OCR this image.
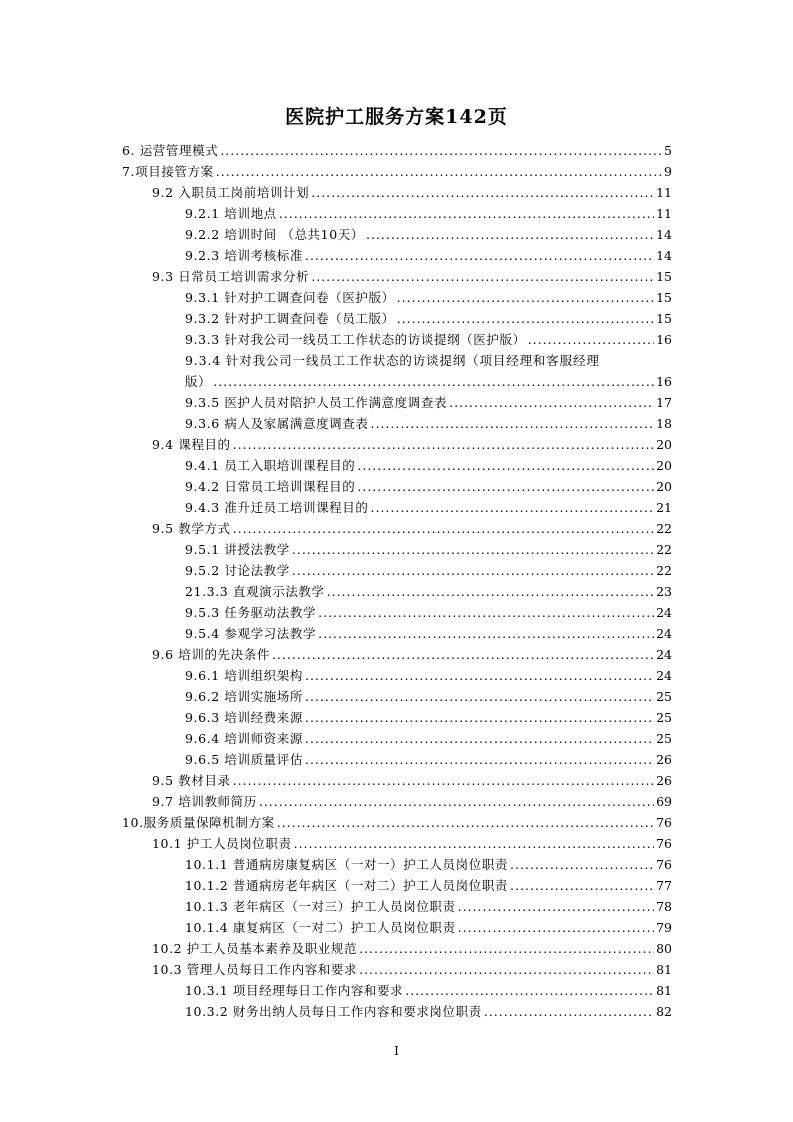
医院护工服务方案142页
6. 运营管理模式 .....	5
7.项目接管方案 .....	9
9.2 入职员工岗前培训计划 .....	11
9.2.1 培训地点 .....	11
9.2.2 培训时间 （总共10天） .....	14
9.2.3 培训考核标准 .....	14
9.3 日常员工培训需求分析 .....	15
9.3.1 针对护工调查问卷（医护版） .....	15
9.3.2 针对护工调查问卷（员工版） .....	15
9.3.3 针对我公司一线员工工作状态的访谈提纲（医护版） .....	16
9.3.4 针对我公司一线员工工作状态的访谈提纲（项目经理和客服经理
版） .....	16
9.3.5 医护人员对陪护人员工作满意度调查表 .....	17
9.3.6 病人及家属满意度调查表 .....	18
9.4 课程目的 .....	20
9.4.1 员工入职培训课程目的 .....	20
9.4.2 日常员工培训课程目的 .....	20
9.4.3 准升迁员工培训课程目的 .....	21
9.5 教学方式 .....	22
9.5.1 讲授法教学 .....	22
9.5.2 讨论法教学 .....	22
21.3.3 直观演示法教学 .....	23
9.5.3 任务驱动法教学 .....	24
9.5.4 参观学习法教学 .....	24
9.6 培训的先决条件 .....	24
9.6.1 培训组织架构 .....	24
9.6.2 培训实施场所 .....	25
9.6.3 培训经费来源 .....	25
9.6.4 培训师资来源 .....	25
9.6.5 培训质量评估 .....	26
9.5 教材目录 .....	26
9.7 培训教师简历 .....	69
10.服务质量保障机制方案 .....	76
10.1 护工人员岗位职责 .....	76
10.1.1 普通病房康复病区（一对一）护工人员岗位职责 .....	76
10.1.2 普通病房老年病区（一对二）护工人员岗位职责 .....	77
10.1.3 老年病区（一对三）护工人员岗位职责 .....	78
10.1.4 康复病区（一对二）护工人员岗位职责 .....	79
10.2 护工人员基本素养及职业规范 .....	80
10.3 管理人员每日工作内容和要求 .....	81
10.3.1 项目经理每日工作内容和要求 .....	81
10.3.2 财务出纳人员每日工作内容和要求岗位职责 .....	82
I
